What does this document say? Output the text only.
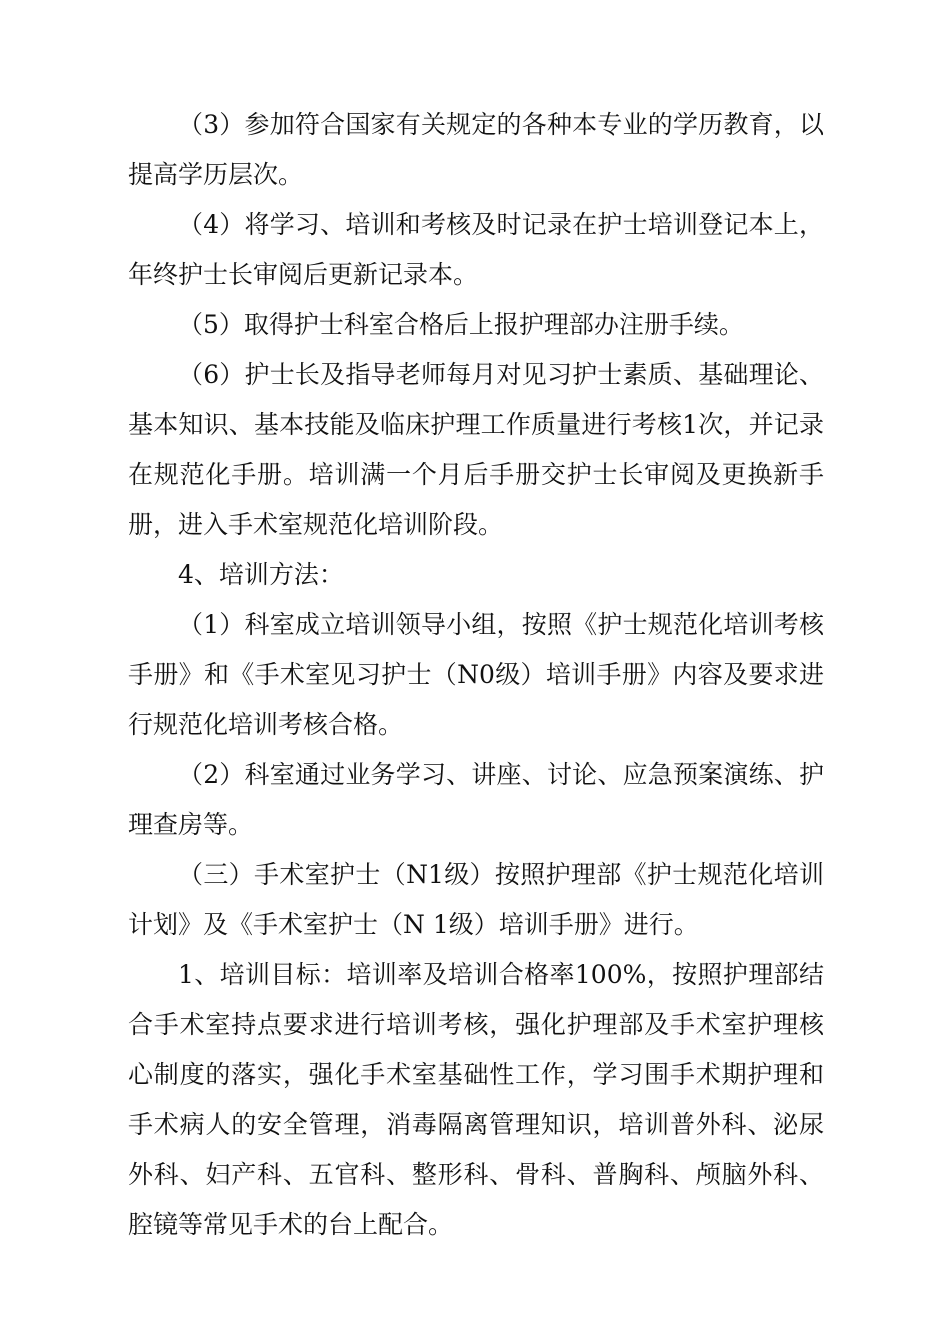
（3）参加符合国家有关规定的各种本专业的学历教育，以提高学历层次。

（4）将学习、培训和考核及时记录在护士培训登记本上，年终护士长审阅后更新记录本。

（5）取得护士科室合格后上报护理部办注册手续。

（6）护士长及指导老师每月对见习护士素质、基础理论、基本知识、基本技能及临床护理工作质量进行考核1次，并记录在规范化手册。培训满一个月后手册交护士长审阅及更换新手册，进入手术室规范化培训阶段。

4、培训方法：

（1）科室成立培训领导小组，按照《护士规范化培训考核手册》和《手术室见习护士（N0级）培训手册》内容及要求进行规范化培训考核合格。

（2）科室通过业务学习、讲座、讨论、应急预案演练、护理查房等。

（三）手术室护士（N1级）按照护理部《护士规范化培训计划》及《手术室护士（N 1级）培训手册》进行。

1、培训目标：培训率及培训合格率100%，按照护理部结合手术室持点要求进行培训考核，强化护理部及手术室护理核心制度的落实，强化手术室基础性工作，学习围手术期护理和手术病人的安全管理，消毒隔离管理知识，培训普外科、泌尿外科、妇产科、五官科、整形科、骨科、普胸科、颅脑外科、腔镜等常见手术的台上配合。
